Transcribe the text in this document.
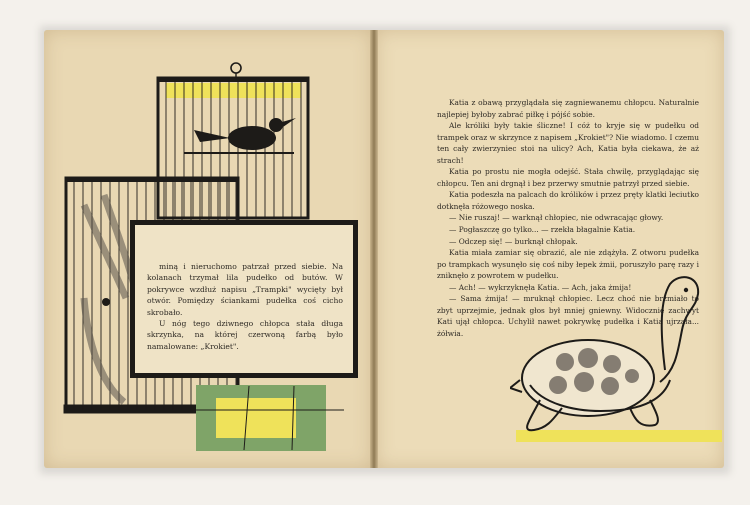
miną i nieruchomo patrzał przed siebie. Na kolanach trzymał lila pudełko od butów. W pokrywce wzdłuż napisu „Trampki" wycięty był otwór. Pomiędzy ściankami pudełka coś cicho skrobało.

U nóg tego dziwnego chłopca stała długa skrzynka, na której czerwoną farbą było namalowane: „Krokiet".

Katia z obawą przyglądała się zagniewanemu chłopcu. Naturalnie najlepiej byłoby zabrać piłkę i pójść sobie.

Ale króliki były takie śliczne! I cóż to kryje się w pudełku od trampek oraz w skrzynce z napisem „Krokiet"? Nie wiadomo. I czemu ten cały zwierzyniec stoi na ulicy? Ach, Katia była ciekawa, że aż strach!

Katia po prostu nie mogła odejść. Stała chwilę, przyglądając się chłopcu. Ten ani drgnął i bez przerwy smutnie patrzył przed siebie.

Katia podeszła na palcach do królików i przez pręty klatki leciutko dotknęła różowego noska.

— Nie ruszaj! — warknął chłopiec, nie odwracając głowy.

— Pogłaszczę go tylko... — rzekła błagalnie Katia.

— Odczep się! — burknął chłopak.

Katia miała zamiar się obrazić, ale nie zdążyła. Z otworu pudełka po trampkach wysunęło się coś niby łepek żmii, poruszyło parę razy i zniknęło z powrotem w pudełku.

— Ach! — wykrzyknęła Katia. — Ach, jaka żmija!

— Sama żmija! — mruknął chłopiec. Lecz choć nie brzmiało to zbyt uprzejmie, jednak głos był mniej gniewny. Widocznie zachwyt Kati ujął chłopca. Uchylił nawet pokrywkę pudełka i Katia ujrzała... żółwia.
